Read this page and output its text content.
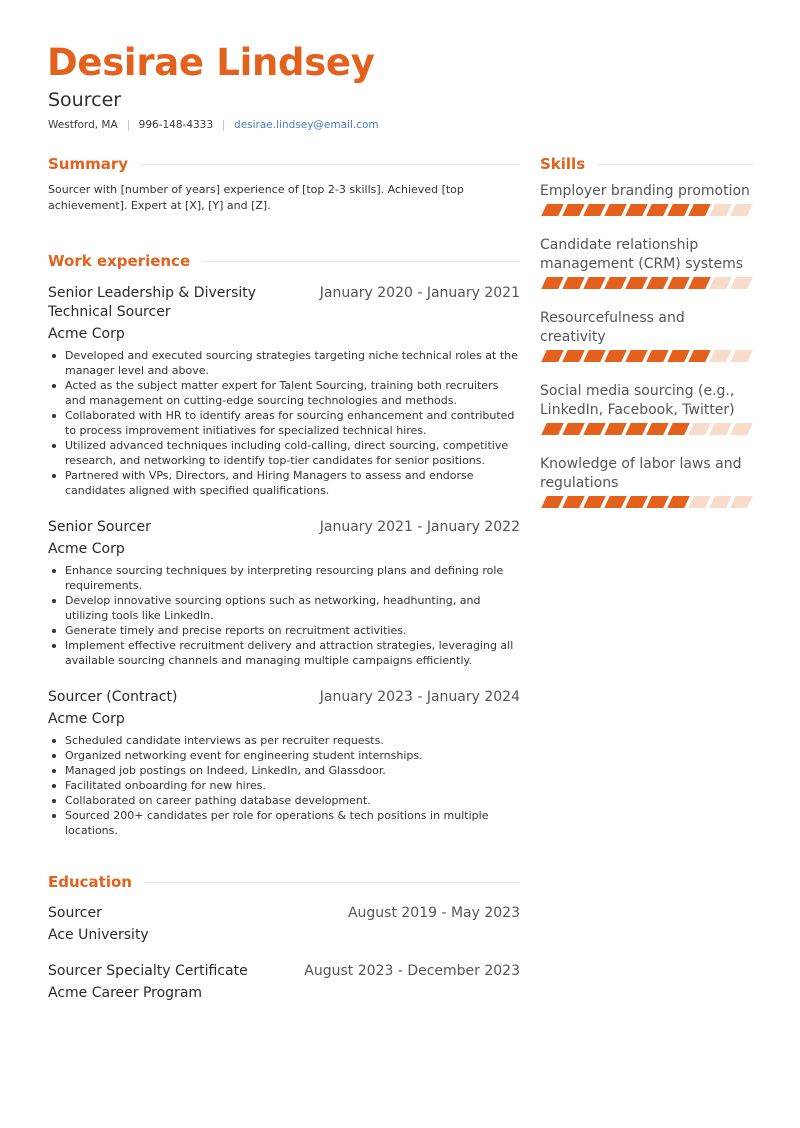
Desirae Lindsey
Sourcer
Westford, MA 996-148-4333 desirae.lindsey@email.com
Summary
Sourcer with [number of years] experience of [top 2-3 skills]. Achieved [top achievement]. Expert at [X], [Y] and [Z].
Work experience
Senior Leadership & Diversity Technical Sourcer
January 2020 - January 2021
Acme Corp
Developed and executed sourcing strategies targeting niche technical roles at the manager level and above.
Acted as the subject matter expert for Talent Sourcing, training both recruiters and management on cutting-edge sourcing technologies and methods.
Collaborated with HR to identify areas for sourcing enhancement and contributed to process improvement initiatives for specialized technical hires.
Utilized advanced techniques including cold-calling, direct sourcing, competitive research, and networking to identify top-tier candidates for senior positions.
Partnered with VPs, Directors, and Hiring Managers to assess and endorse candidates aligned with specified qualifications.
Senior Sourcer	January 2021 - January 2022
Acme Corp
Enhance sourcing techniques by interpreting resourcing plans and defining role requirements.
Develop innovative sourcing options such as networking, headhunting, and utilizing tools like LinkedIn.
Generate timely and precise reports on recruitment activities.
Implement effective recruitment delivery and attraction strategies, leveraging all available sourcing channels and managing multiple campaigns efficiently.
Sourcer (Contract)	January 2023 - January 2024
Acme Corp
Scheduled candidate interviews as per recruiter requests.
Organized networking event for engineering student internships.
Managed job postings on Indeed, LinkedIn, and Glassdoor.
Facilitated onboarding for new hires.
Collaborated on career pathing database development.
Sourced 200+ candidates per role for operations & tech positions in multiple locations.
Education
Sourcer	August 2019 - May 2023
Ace University
Sourcer Specialty Certificate	August 2023 - December 2023
Acme Career Program
Skills
Employer branding promotion
Candidate relationship management (CRM) systems
Resourcefulness and creativity
Social media sourcing (e.g., LinkedIn, Facebook, Twitter)
Knowledge of labor laws and regulations
